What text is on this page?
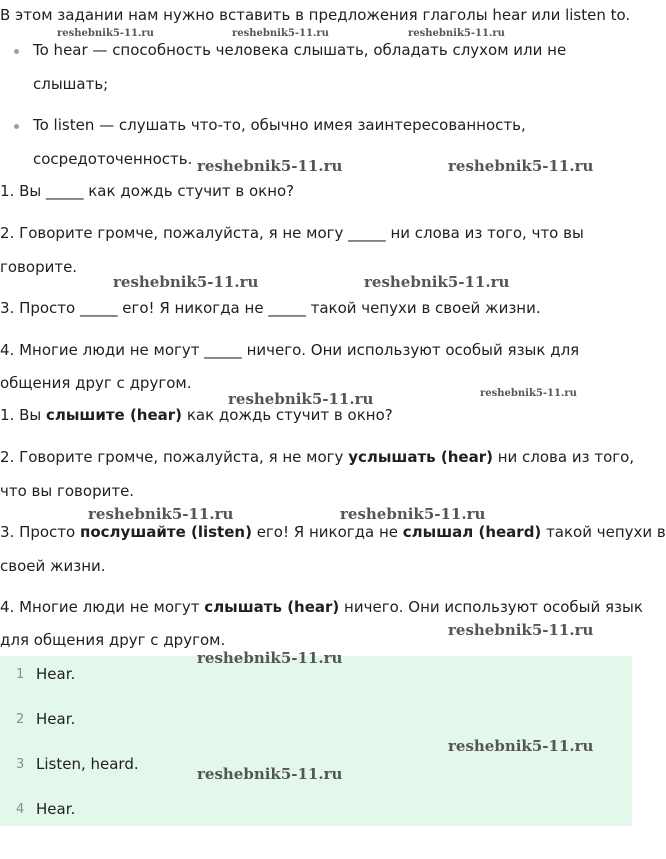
В этом задании нам нужно вставить в предложения глаголы hear или listen to.
To hear — способность человека слышать, обладать слухом или не
слышать;
To listen — слушать что-то, обычно имея заинтересованность,
сосредоточенность.
1. Вы _____ как дождь стучит в окно?
2. Говорите громче, пожалуйста, я не могу _____ ни слова из того, что вы
говорите.
3. Просто _____ его! Я никогда не _____ такой чепухи в своей жизни.
4. Многие люди не могут _____ ничего. Они используют особый язык для
общения друг с другом.
1. Вы слышите (hear) как дождь стучит в окно?
2. Говорите громче, пожалуйста, я не могу услышать (hear) ни слова из того,
что вы говорите.
3. Просто послушайте (listen) его! Я никогда не слышал (heard) такой чепухи в
своей жизни.
4. Многие люди не могут слышать (hear) ничего. Они используют особый язык
для общения друг с другом.
1 Hear.
2 Hear.
3 Listen, heard.
4 Hear.
reshebnik5-11.ru	reshebnik5-11.ru	reshebnik5-11.ru
reshebnik5-11.ru	reshebnik5-11.ru
reshebnik5-11.ru	reshebnik5-11.ru
reshebnik5-11.ru	reshebnik5-11.ru
reshebnik5-11.ru	reshebnik5-11.ru
reshebnik5-11.ru
reshebnik5-11.ru
reshebnik5-11.ru
reshebnik5-11.ru
